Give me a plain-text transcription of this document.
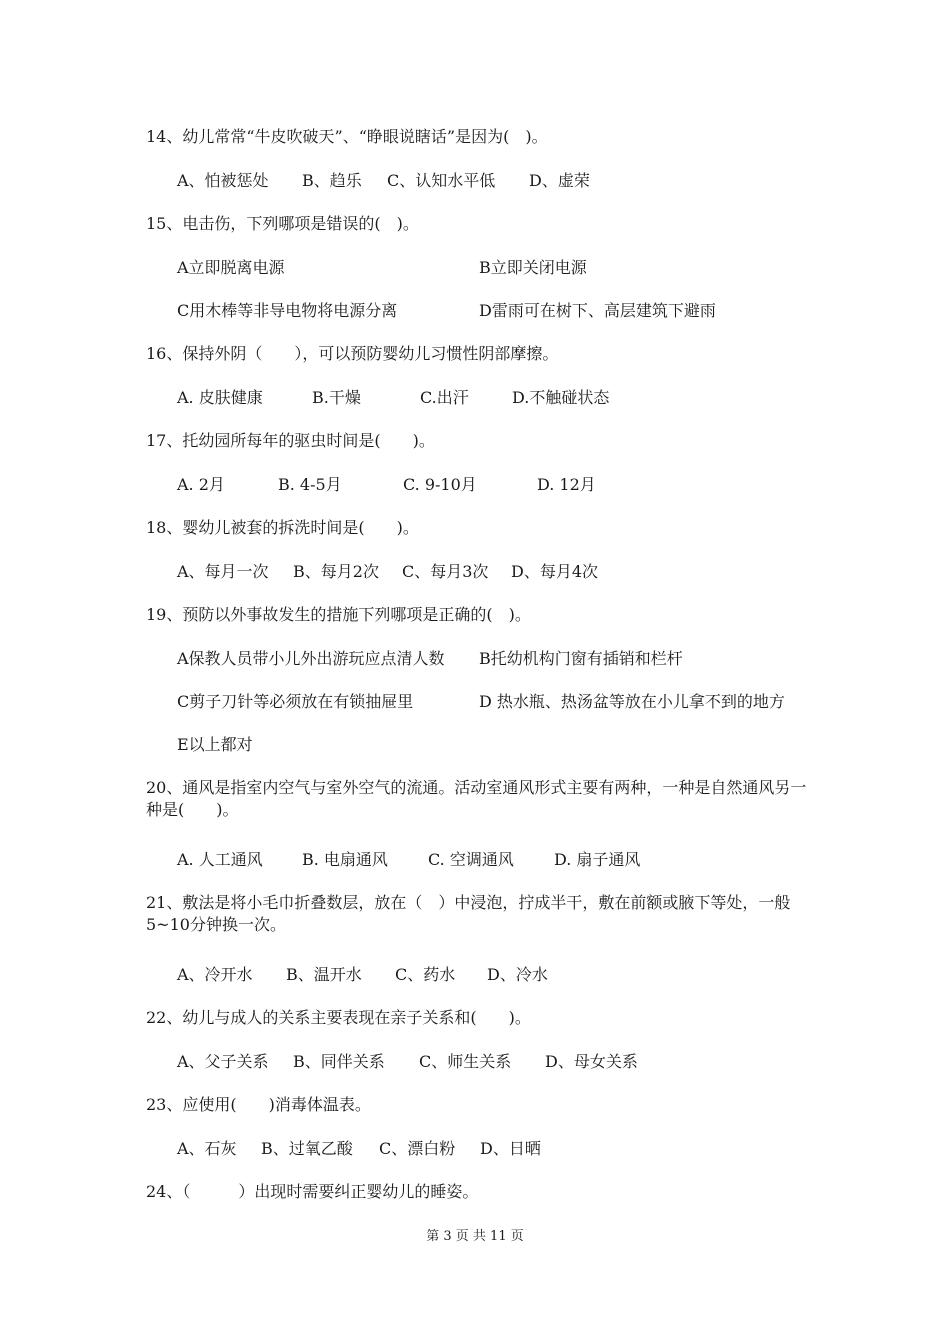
14、幼儿常常“牛皮吹破天”、“睁眼说瞎话”是因为(　)。

A、怕被惩处 B、趋乐 C、认知水平低 D、虚荣

15、电击伤，下列哪项是错误的(　)。

A立即脱离电源	B立即关闭电源

C用木棒等非导电物将电源分离	D雷雨可在树下、高层建筑下避雨

16、保持外阴（　　），可以预防婴幼儿习惯性阴部摩擦。

A. 皮肤健康	B.干燥	C.出汗	D.不触碰状态

17、托幼园所每年的驱虫时间是(　　)。

A. 2月	B. 4-5月	C. 9-10月	D. 12月

18、婴幼儿被套的拆洗时间是(　　)。

A、每月一次 B、每月2次 C、每月3次 D、每月4次

19、预防以外事故发生的措施下列哪项是正确的(　)。

A保教人员带小儿外出游玩应点清人数 B托幼机构门窗有插销和栏杆

C剪子刀针等必须放在有锁抽屉里	D 热水瓶、热汤盆等放在小儿拿不到的地方

E以上都对

20、通风是指室内空气与室外空气的流通。活动室通风形式主要有两种，一种是自然通风另一种是(　　)。

A. 人工通风 B. 电扇通风	C. 空调通风	D. 扇子通风

21、敷法是将小毛巾折叠数层，放在（　）中浸泡，拧成半干，敷在前额或腋下等处，一般5~10分钟换一次。

A、冷开水 B、温开水 C、药水 D、冷水

22、幼儿与成人的关系主要表现在亲子关系和(　　)。

A、父子关系 B、同伴关系 C、师生关系 D、母女关系

23、应使用(　　)消毒体温表。

A、石灰 B、过氧乙酸 C、漂白粉 D、日晒

24、（　　　）出现时需要纠正婴幼儿的睡姿。

第 3 页 共 11 页
